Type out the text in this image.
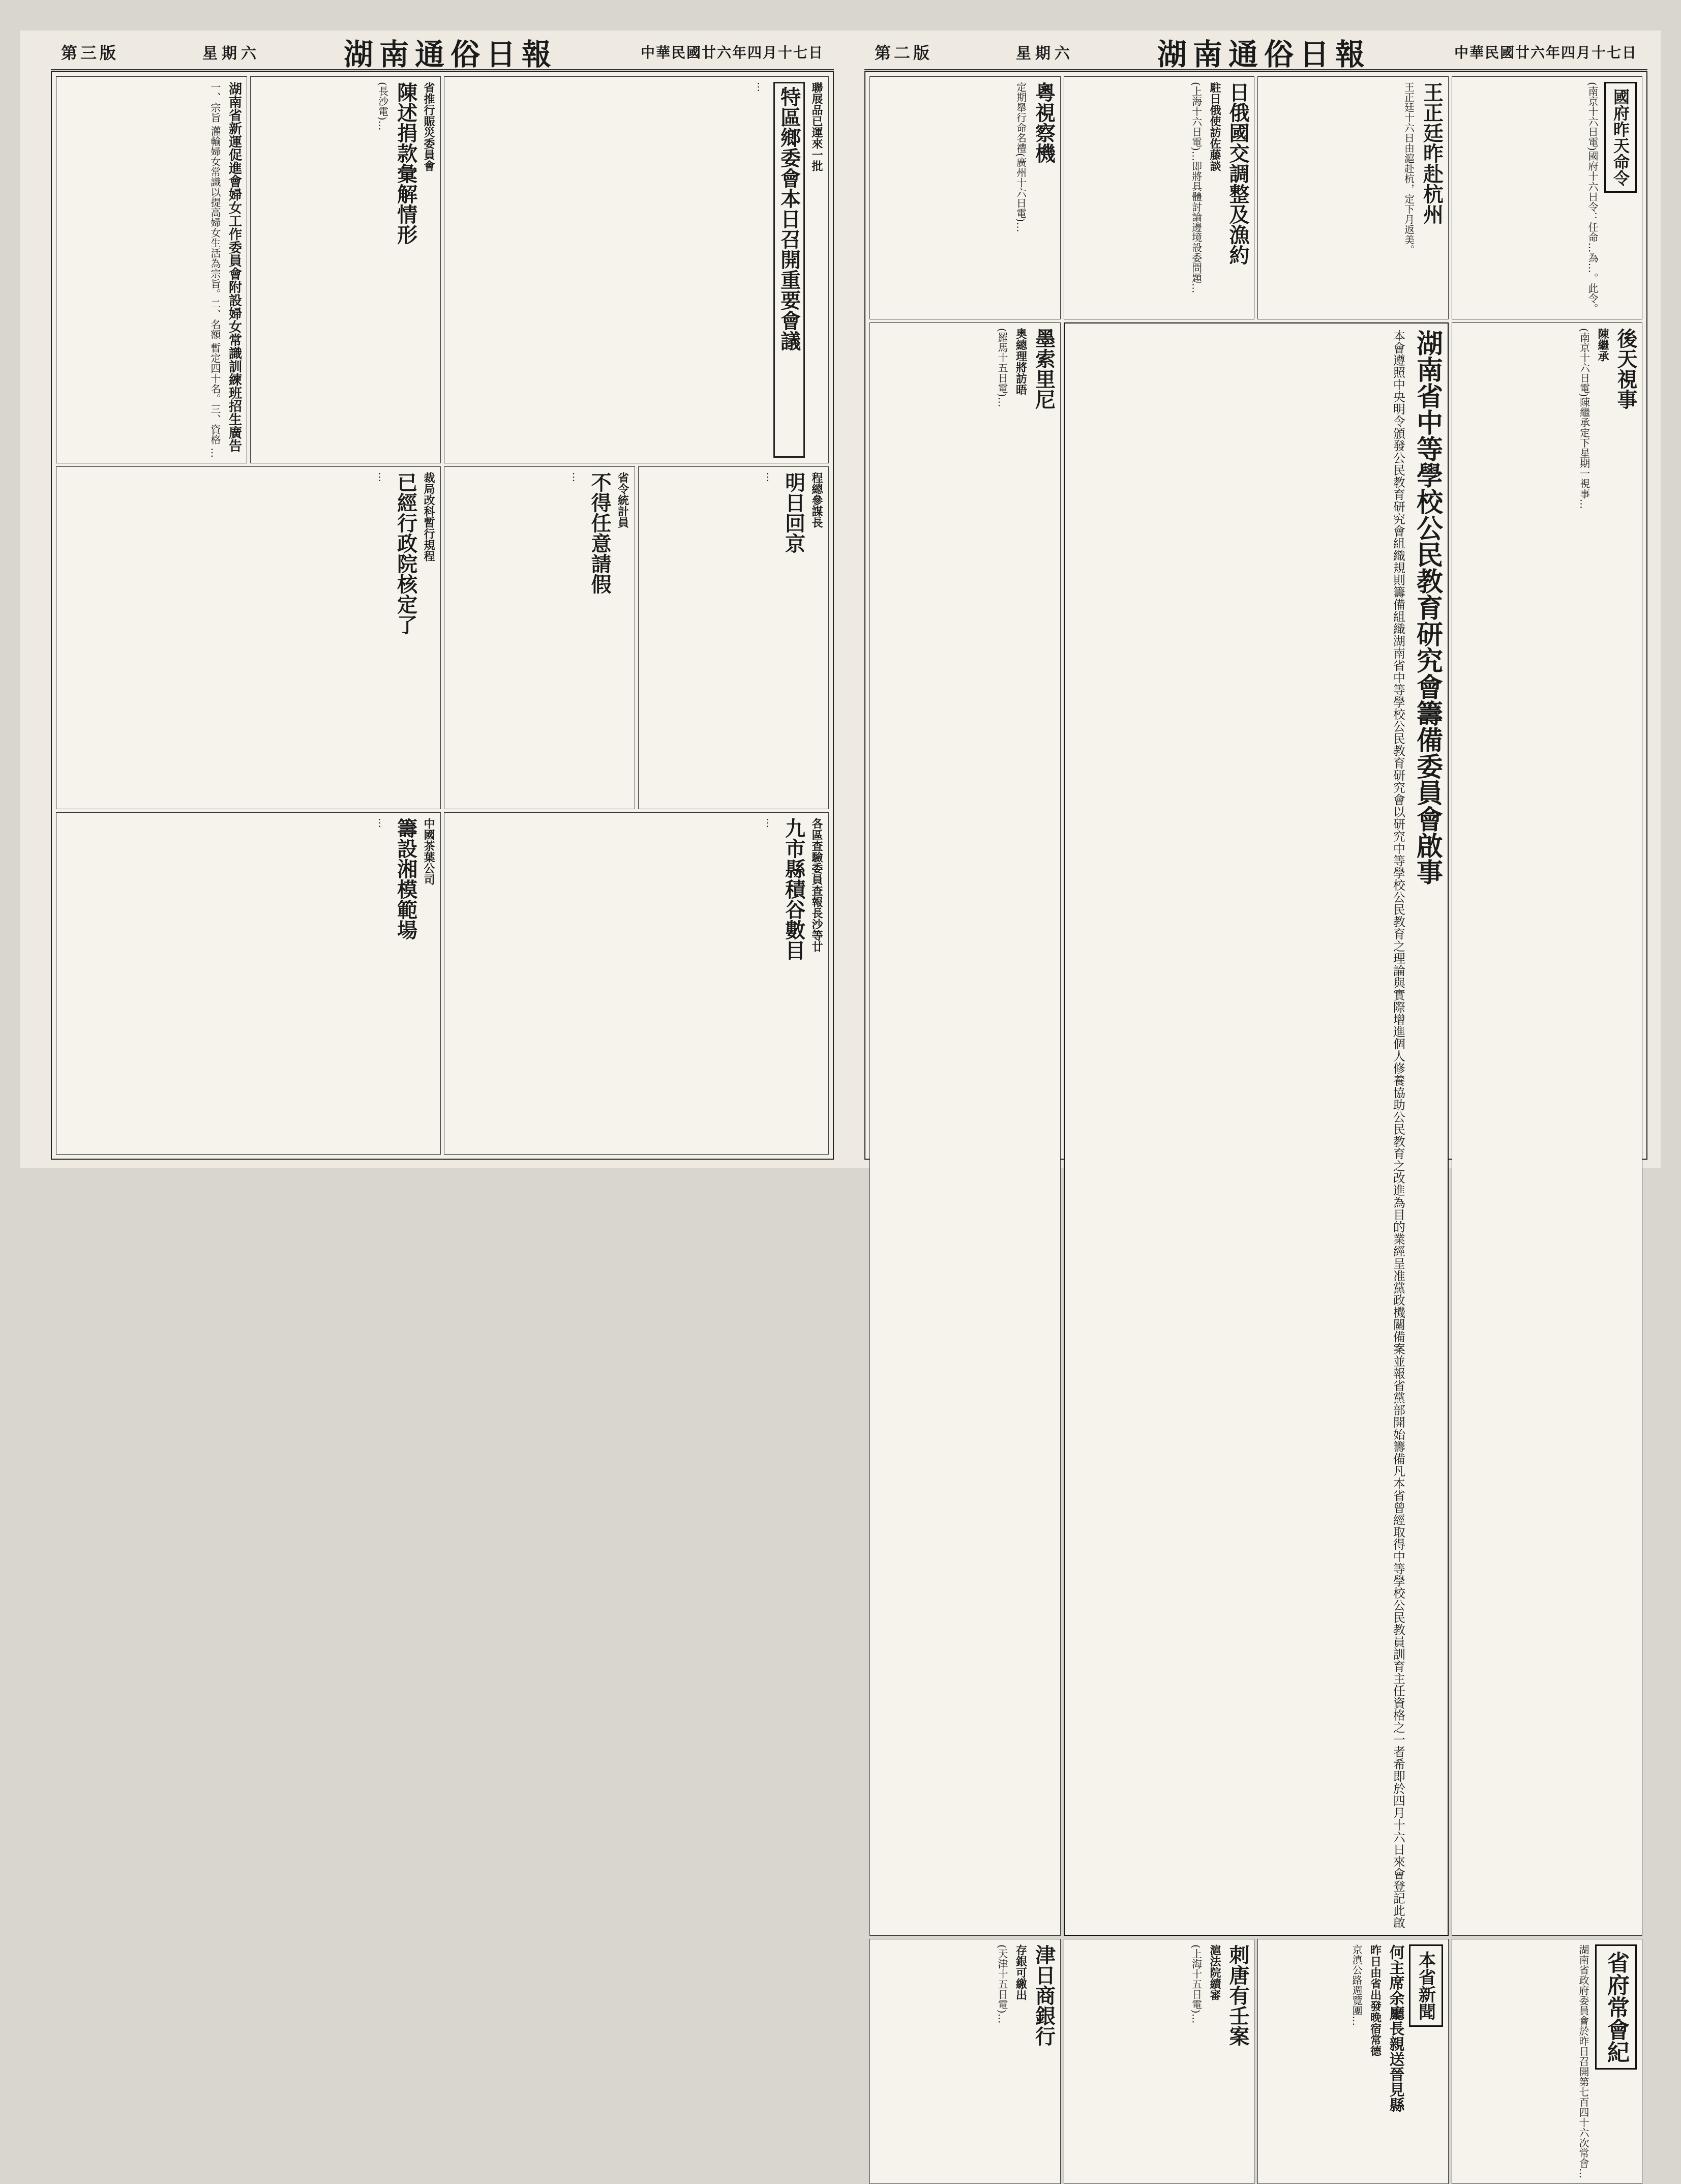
第三版	星期六	湖南通俗日報	中華民國廿六年四月十七日
湖南省新運促進會婦女工作委員會附設婦女常識訓練班招生廣告
一、宗旨 灌輸婦女常識以提高婦女生活為宗旨。二、名額 暫定四十名。三、資格 …	省推行賑災委員會
陳述捐款彙解情形
(長沙電)…	聯展品已運來一批
特區鄉委會本日召開重要會議
…
裁局改科暫行規程
已經行政院核定了
…	省令統計員
不得任意請假
…	程總參謀長
明日回京
…
中國茶葉公司
籌設湘模範場
…	各區查驗委員查報長沙等廿
九市縣積谷數目
…
第二版	星期六	湖南通俗日報	中華民國廿六年四月十七日
國府昨天命令
(南京十六日電)國府十六日令：任命…為…。此令。
王正廷昨赴杭州
王正廷十六日由滬赴杭，定下月返美。
日俄國交調整及漁約
駐日俄使訪佐藤談
(上海十六日電)…即將具體討論邊境設委問題…
粵視察機
定期舉行命名禮(廣州十六日電)…
後天視事
陳繼承
(南京十六日電)陳繼承定下星期一視事…
湖南省中等學校公民教育研究會籌備委員會啟事
本會遵照中央明令頒發公民教育研究會組織規則籌備組織湖南省中等學校公民教育研究會以研究中等學校公民教育之理論與實際增進個人修養協助公民教育之改進為目的業經呈准黨政機關備案並報省黨部開始籌備凡本省曾經取得中等學校公民教員訓育主任資格之一者希即於四月十六日來會登記此啟
墨索里尼
奧總理將訪晤
(羅馬十五日電)…
省府常會紀
湖南省政府委員會於昨日召開第七百四十六次常會…
本省新聞
何主席余廳長親送晉見縣
昨日由省出發晚宿常德
京滇公路週覽團…
刺唐有壬案
滬法院續審
(上海十五日電)…
津日商銀行
存銀可繳出
(天津十五日電)…
